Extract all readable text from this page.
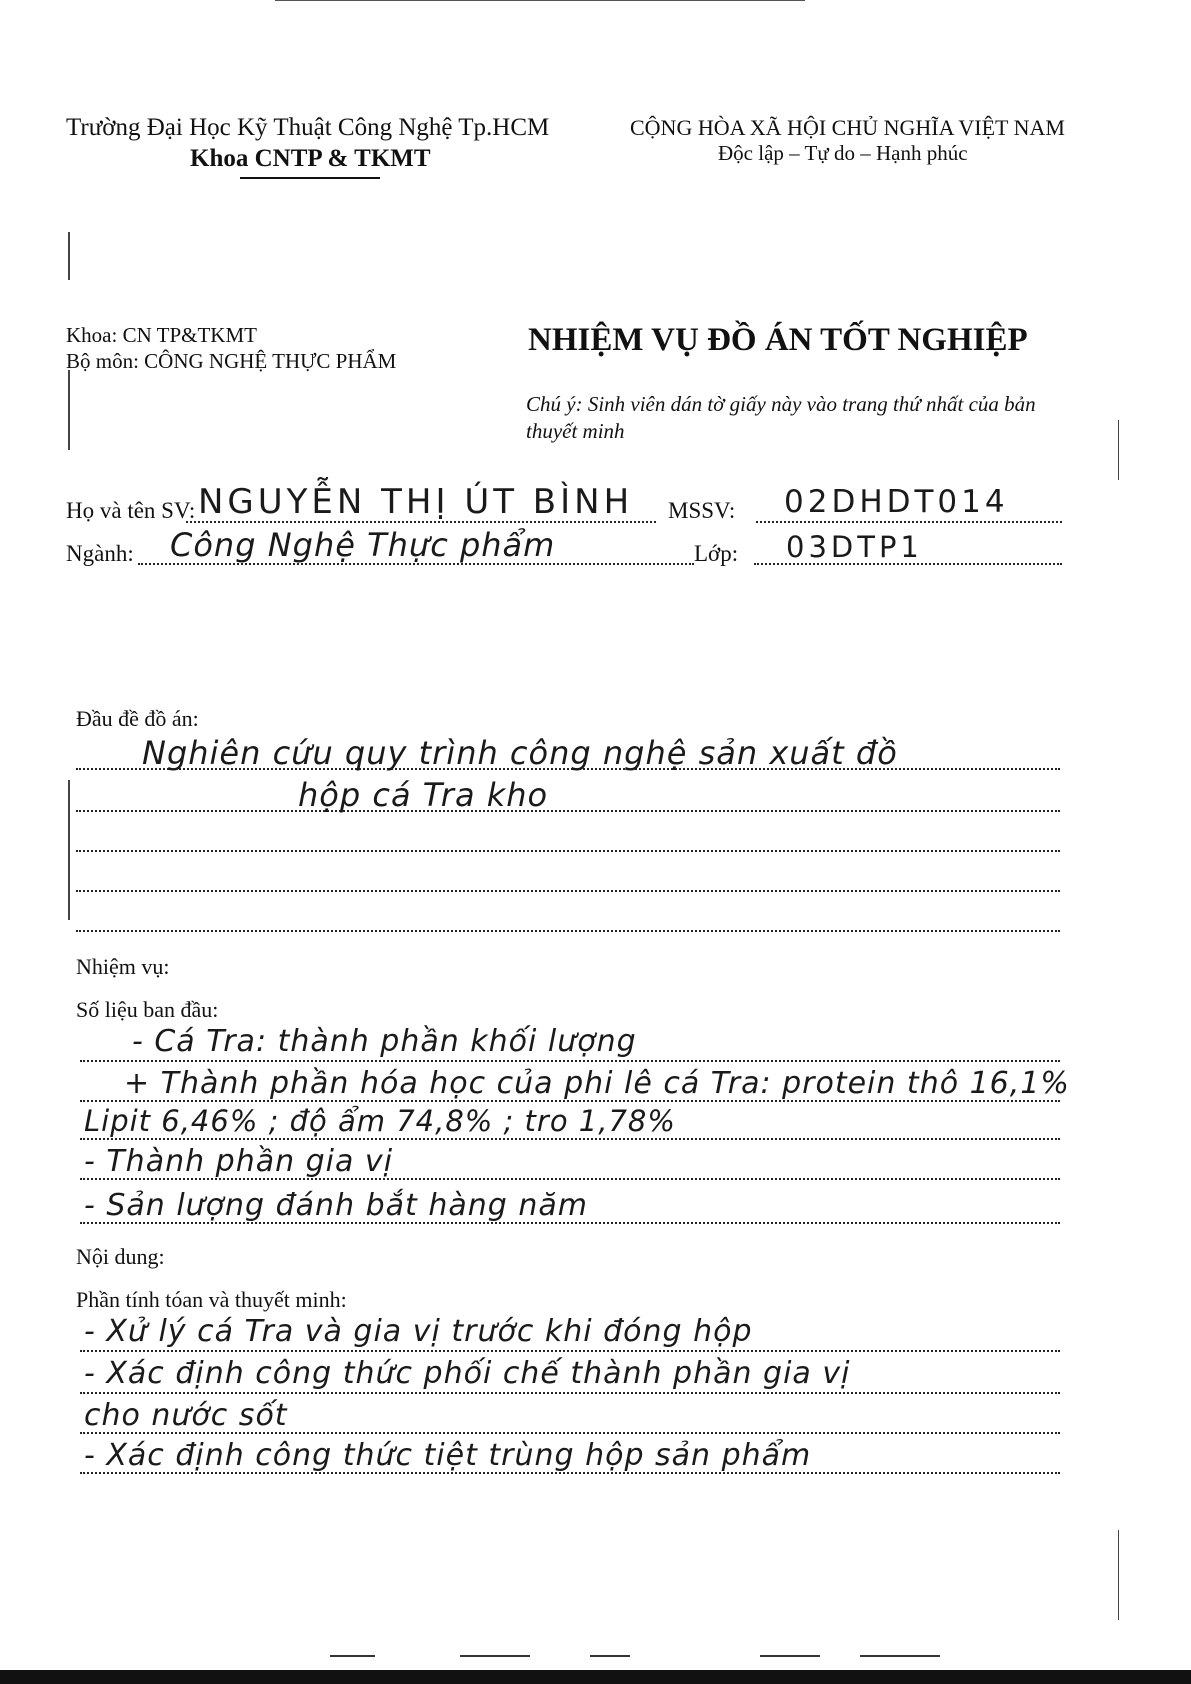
Trường Đại Học Kỹ Thuật Công Nghệ Tp.HCM
Khoa CNTP & TKMT
CỘNG HÒA XÃ HỘI CHỦ NGHĨA VIỆT NAM
Độc lập – Tự do – Hạnh phúc
Khoa: CN TP&TKMT
Bộ môn: CÔNG NGHỆ THỰC PHẨM
NHIỆM VỤ ĐỒ ÁN TỐT NGHIỆP
Chú ý: Sinh viên dán tờ giấy này vào trang thứ nhất của bản thuyết minh
Họ và tên SV: NGUYỄN THỊ ÚT BÌNH MSSV: 02DHDT014
Ngành: Công Nghệ Thực phẩm	Lớp: 03DTP1
Đầu đề đồ án:
Nghiên cứu quy trình công nghệ sản xuất đồ
hộp cá Tra kho
Nhiệm vụ:
Số liệu ban đầu:
- Cá Tra: thành phần khối lượng
+ Thành phần hóa học của phi lê cá Tra: protein thô 16,1%
Lipit 6,46% ; độ ẩm 74,8% ; tro 1,78%
- Thành phần gia vị
- Sản lượng đánh bắt hàng năm
Nội dung:
Phần tính tóan và thuyết minh:
- Xử lý cá Tra và gia vị trước khi đóng hộp
- Xác định công thức phối chế thành phần gia vị
cho nước sốt
- Xác định công thức tiệt trùng hộp sản phẩm
